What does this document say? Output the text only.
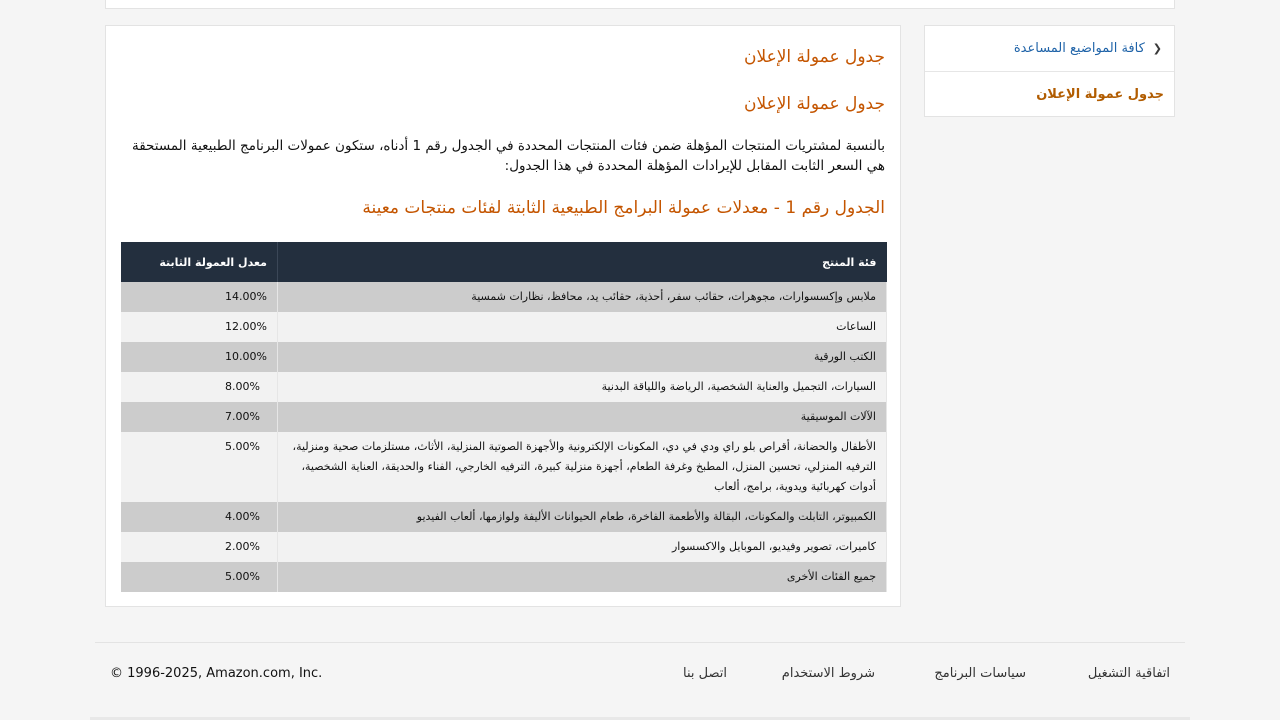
❮
كافة المواضيع المساعدة
جدول عمولة الإعلان
جدول عمولة الإعلان
جدول عمولة الإعلان

بالنسبة لمشتريات المنتجات المؤهلة ضمن فئات المنتجات المحددة في الجدول رقم 1 أدناه، ستكون عمولات البرنامج الطبيعية المستحقة هي السعر الثابت المقابل للإيرادات المؤهلة المحددة في هذا الجدول:

الجدول رقم 1 - معدلات عمولة البرامج الطبيعية الثابتة لفئات منتجات معينة
فئة المنتج	معدل العمولة الثابتة
ملابس وإكسسوارات، مجوهرات، حقائب سفر، أحذية، حقائب يد، محافظ، نظارات شمسية	14.00%
الساعات	12.00%
الكتب الورقية	10.00%
السيارات، التجميل والعناية الشخصية، الرياضة واللياقة البدنية	8.00%
الآلات الموسيقية	7.00%
الأطفال والحضانة، أقراص بلو راي ودي في دي، المكونات الإلكترونية والأجهزة الصوتية المنزلية، الأثاث، مستلزمات صحية ومنزلية، الترفيه المنزلي، تحسين المنزل، المطبخ وغرفة الطعام، أجهزة منزلية كبيرة، الترفيه الخارجي، الفناء والحديقة، العناية الشخصية، أدوات كهربائية ويدوية، برامج، ألعاب	5.00%
الكمبيوتر، التابلت والمكونات، البقالة والأطعمة الفاخرة، طعام الحيوانات الأليفة ولوازمها، ألعاب الفيديو	4.00%
كاميرات، تصوير وفيديو، الموبايل والاكسسوار	2.00%
جميع الفئات الأخرى	5.00%
اتفاقية التشغيل
سياسات البرنامج
شروط الاستخدام
اتصل بنا
© 1996-2025, Amazon.com, Inc.
